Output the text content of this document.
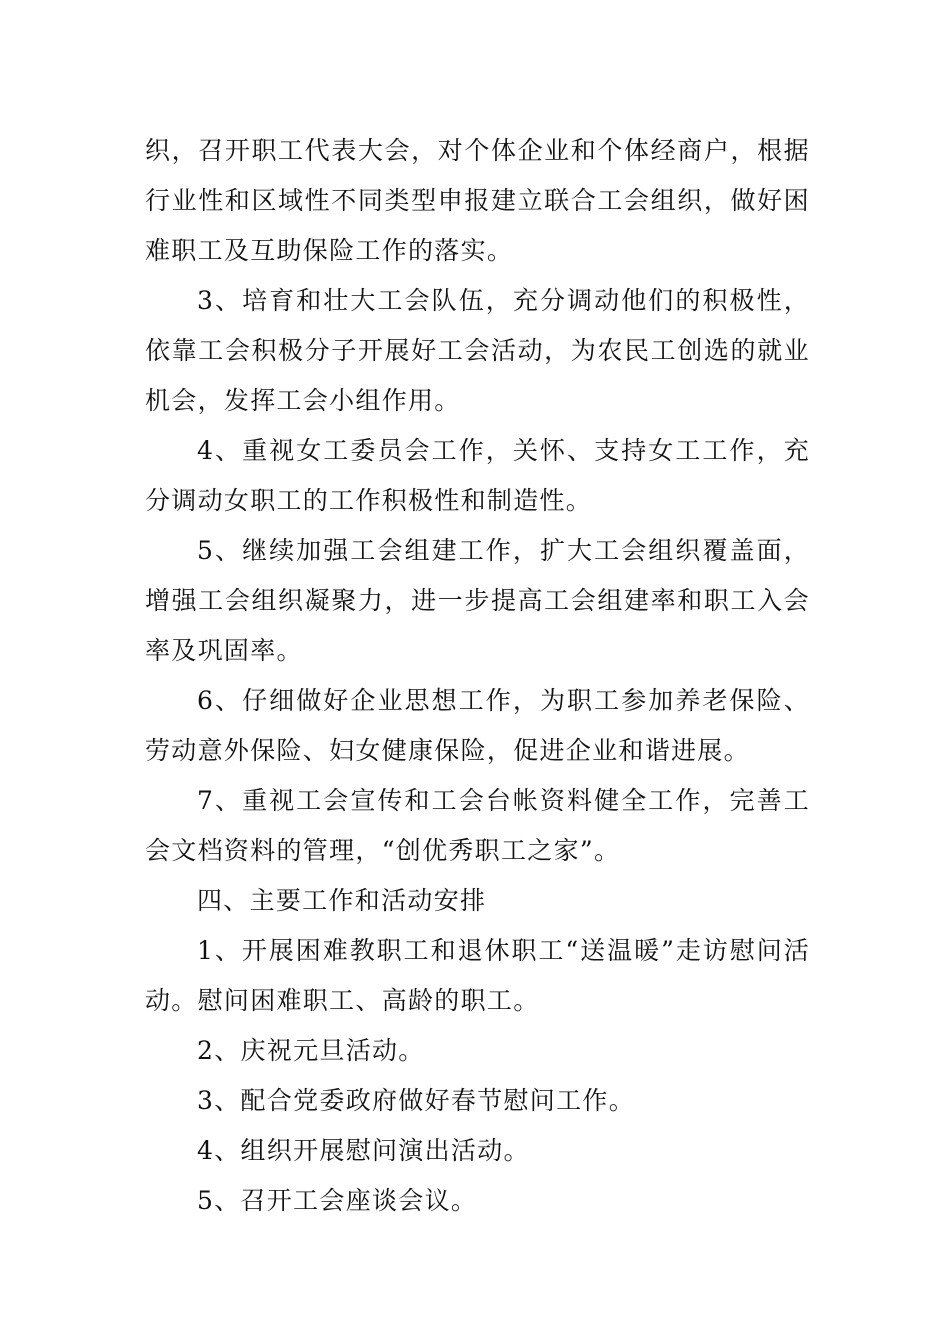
织，召开职工代表大会，对个体企业和个体经商户，根据行业性和区域性不同类型申报建立联合工会组织，做好困难职工及互助保险工作的落实。

3、培育和壮大工会队伍，充分调动他们的积极性，依靠工会积极分子开展好工会活动，为农民工创选的就业机会，发挥工会小组作用。

4、重视女工委员会工作，关怀、支持女工工作，充分调动女职工的工作积极性和制造性。

5、继续加强工会组建工作，扩大工会组织覆盖面，增强工会组织凝聚力，进一步提高工会组建率和职工入会率及巩固率。

6、仔细做好企业思想工作，为职工参加养老保险、劳动意外保险、妇女健康保险，促进企业和谐进展。

7、重视工会宣传和工会台帐资料健全工作，完善工会文档资料的管理，“创优秀职工之家”。

四、主要工作和活动安排

1、开展困难教职工和退休职工“送温暖”走访慰问活动。慰问困难职工、高龄的职工。

2、庆祝元旦活动。

3、配合党委政府做好春节慰问工作。

4、组织开展慰问演出活动。

5、召开工会座谈会议。
